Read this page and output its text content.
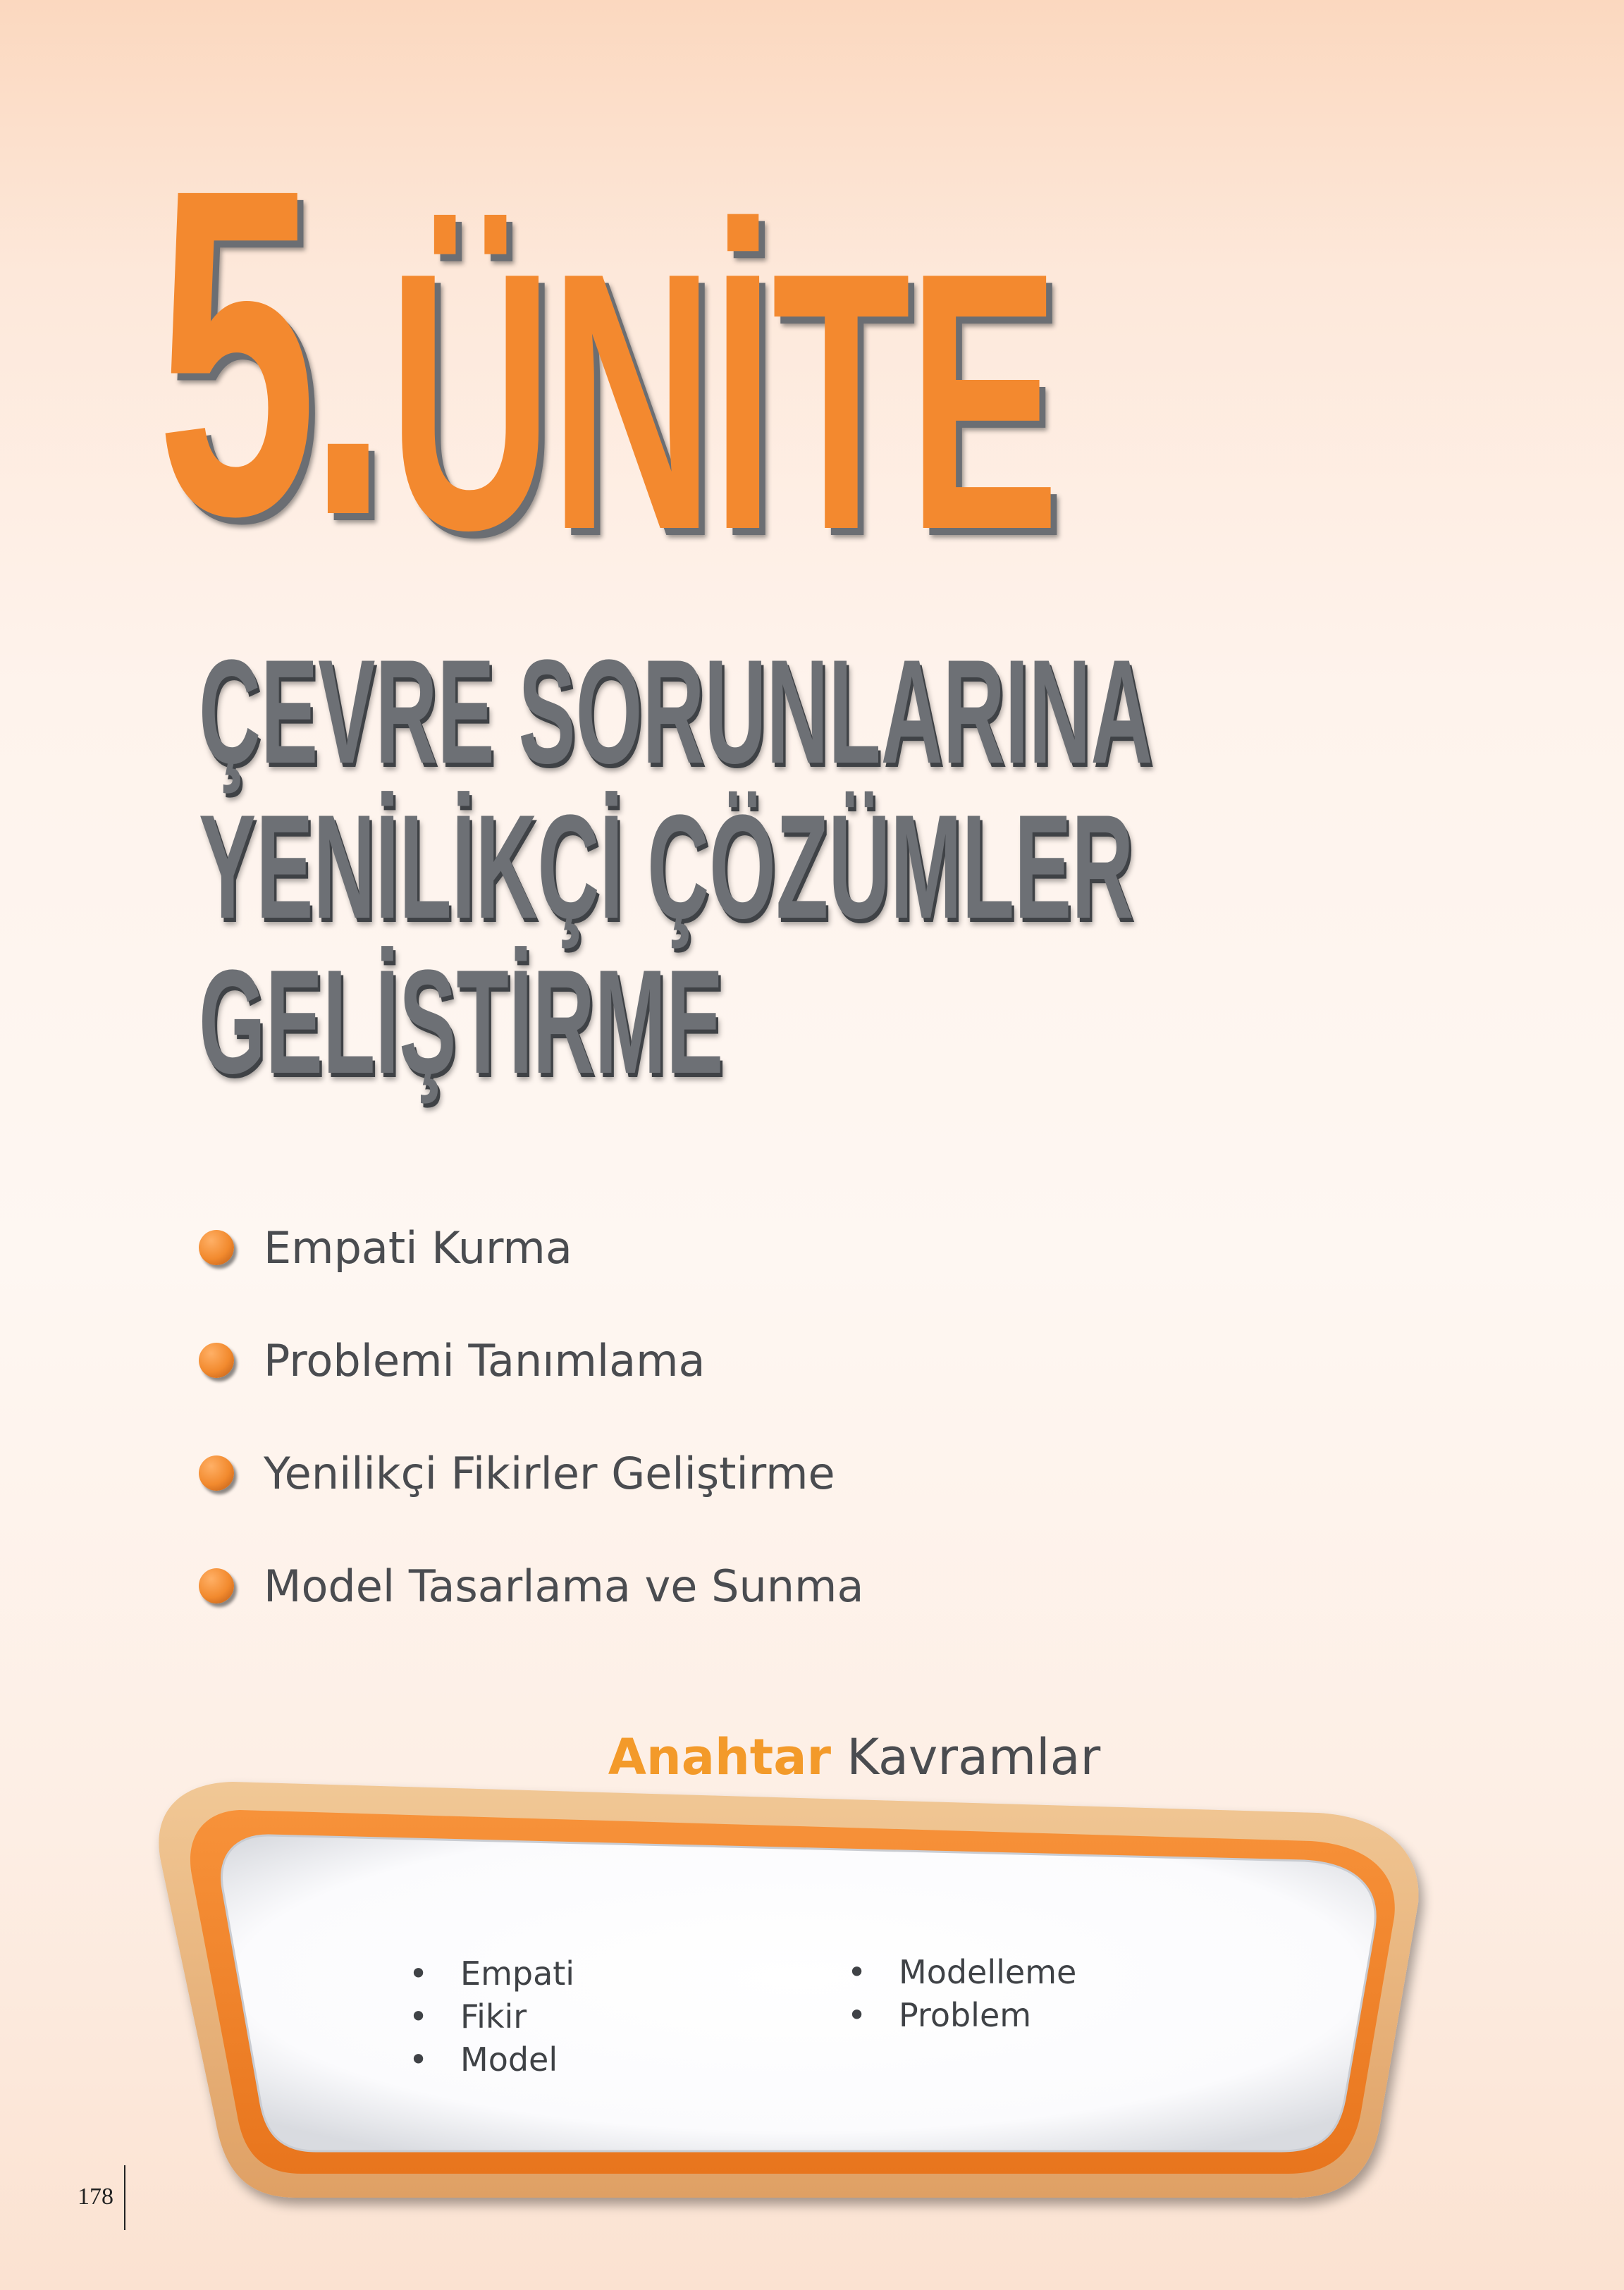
5. ÜNİTE
ÇEVRE SORUNLARINA
YENİLİKÇİ ÇÖZÜMLER
GELİŞTİRME
Empati Kurma
Problemi Tanımlama
Yenilikçi Fikirler Geliştirme
Model Tasarlama ve Sunma
Anahtar Kavramlar
• Empati
• Fikir
• Model
• Modelleme
• Problem
178
